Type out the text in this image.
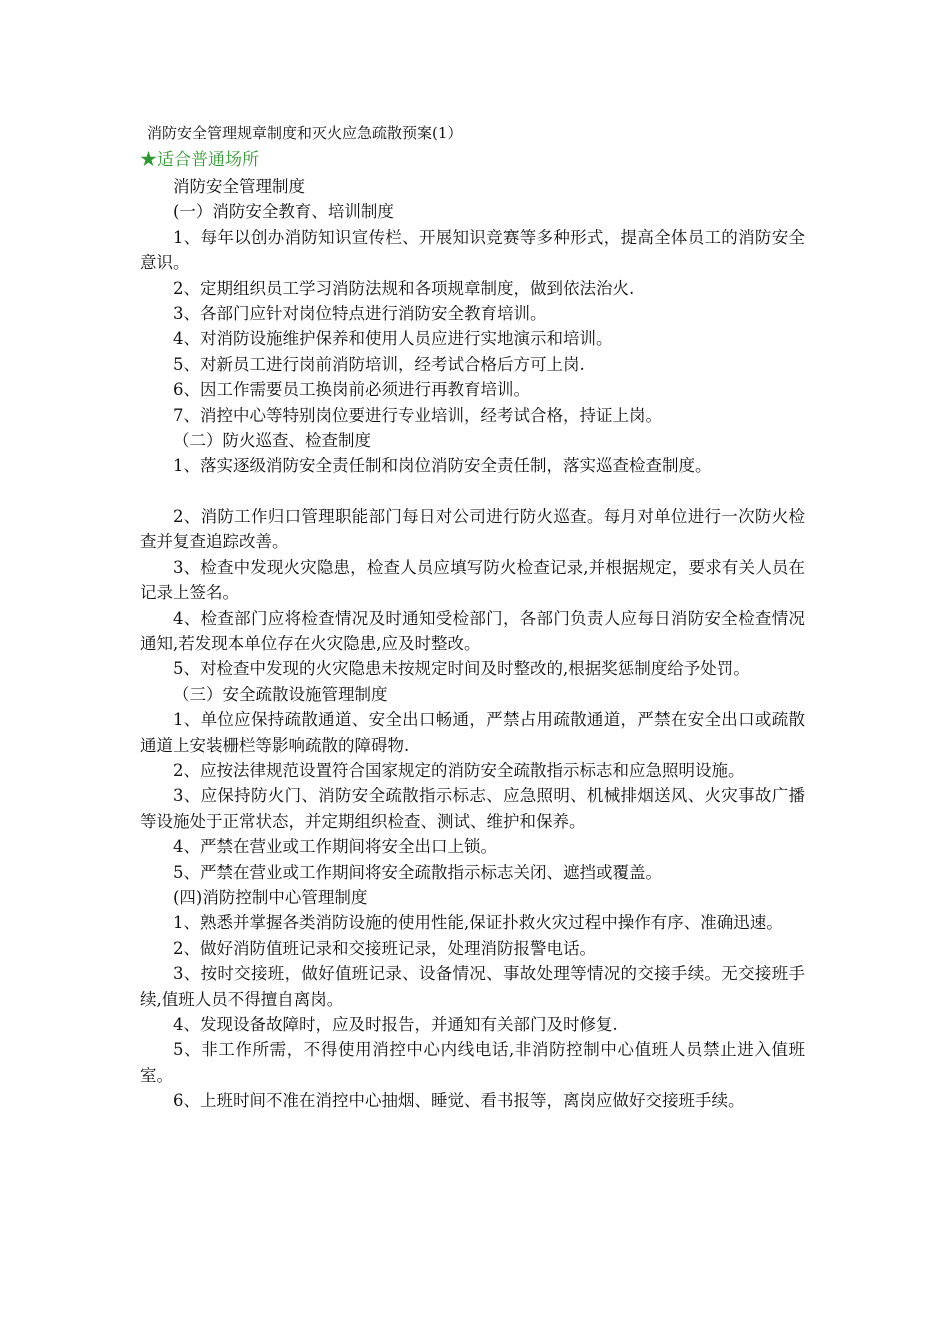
消防安全管理规章制度和灭火应急疏散预案(1）
★适合普通场所
消防安全管理制度
(一）消防安全教育、培训制度

1、每年以创办消防知识宣传栏、开展知识竞赛等多种形式，提高全体员工的消防安全意识。

2、定期组织员工学习消防法规和各项规章制度，做到依法治火.

3、各部门应针对岗位特点进行消防安全教育培训。

4、对消防设施维护保养和使用人员应进行实地演示和培训。

5、对新员工进行岗前消防培训，经考试合格后方可上岗.

6、因工作需要员工换岗前必须进行再教育培训。

7、消控中心等特别岗位要进行专业培训，经考试合格，持证上岗。

（二）防火巡查、检查制度

1、落实逐级消防安全责任制和岗位消防安全责任制，落实巡查检查制度。

2、消防工作归口管理职能部门每日对公司进行防火巡查。每月对单位进行一次防火检查并复查追踪改善。

3、检查中发现火灾隐患，检查人员应填写防火检查记录,并根据规定，要求有关人员在记录上签名。

4、检查部门应将检查情况及时通知受检部门，各部门负责人应每日消防安全检查情况通知,若发现本单位存在火灾隐患,应及时整改。

5、对检查中发现的火灾隐患未按规定时间及时整改的,根据奖惩制度给予处罚。

（三）安全疏散设施管理制度

1、单位应保持疏散通道、安全出口畅通，严禁占用疏散通道，严禁在安全出口或疏散通道上安装栅栏等影响疏散的障碍物.

2、应按法律规范设置符合国家规定的消防安全疏散指示标志和应急照明设施。

3、应保持防火门、消防安全疏散指示标志、应急照明、机械排烟送风、火灾事故广播等设施处于正常状态，并定期组织检查、测试、维护和保养。

4、严禁在营业或工作期间将安全出口上锁。

5、严禁在营业或工作期间将安全疏散指示标志关闭、遮挡或覆盖。

(四)消防控制中心管理制度

1、熟悉并掌握各类消防设施的使用性能,保证扑救火灾过程中操作有序、准确迅速。

2、做好消防值班记录和交接班记录，处理消防报警电话。

3、按时交接班，做好值班记录、设备情况、事故处理等情况的交接手续。无交接班手续,值班人员不得擅自离岗。

4、发现设备故障时，应及时报告，并通知有关部门及时修复.

5、非工作所需，不得使用消控中心内线电话,非消防控制中心值班人员禁止进入值班室。

6、上班时间不准在消控中心抽烟、睡觉、看书报等，离岗应做好交接班手续。
